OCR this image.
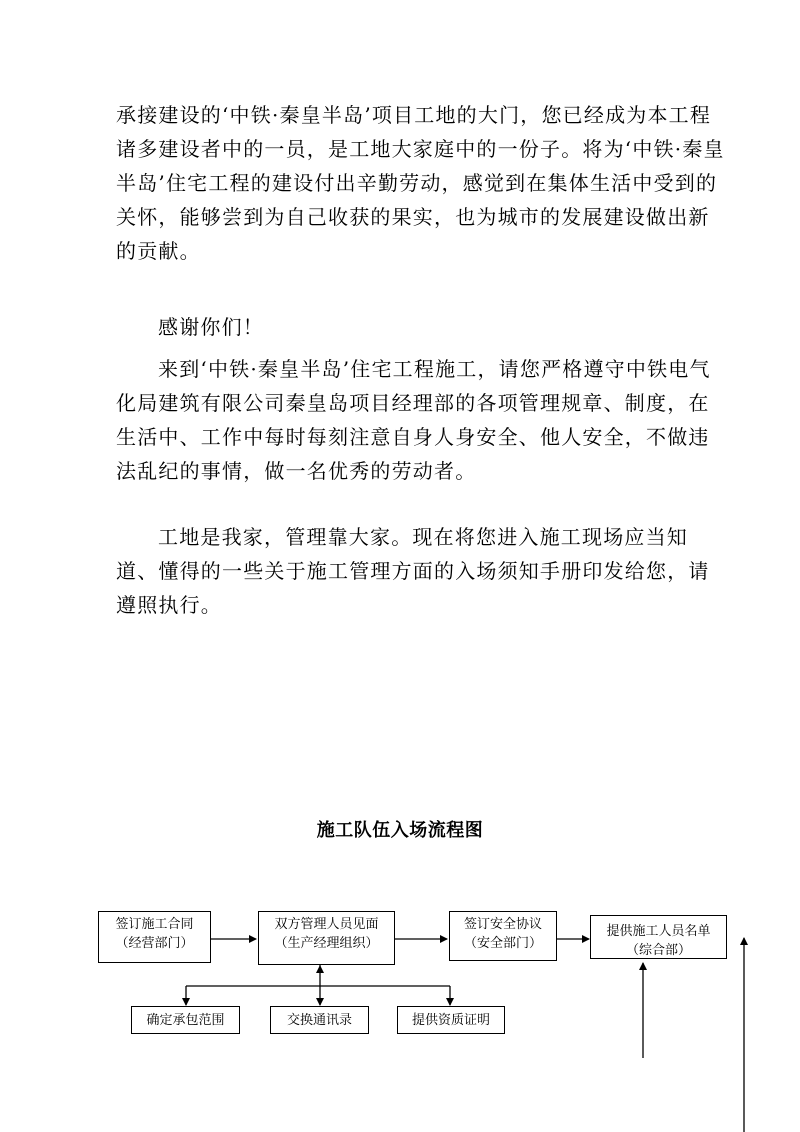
承接建设的‘中铁·秦皇半岛’项目工地的大门，您已经成为本工程诸多建设者中的一员，是工地大家庭中的一份子。将为‘中铁·秦皇半岛’住宅工程的建设付出辛勤劳动，感觉到在集体生活中受到的关怀，能够尝到为自己收获的果实，也为城市的发展建设做出新的贡献。

感谢你们！

来到‘中铁·秦皇半岛’住宅工程施工，请您严格遵守中铁电气化局建筑有限公司秦皇岛项目经理部的各项管理规章、制度，在生活中、工作中每时每刻注意自身人身安全、他人安全，不做违法乱纪的事情，做一名优秀的劳动者。

工地是我家，管理靠大家。现在将您进入施工现场应当知道、懂得的一些关于施工管理方面的入场须知手册印发给您，请遵照执行。

施工队伍入场流程图
签订施工合同
（经营部门）
双方管理人员见面
（生产经理组织）
签订安全协议
（安全部门）
提供施工人员名单
（综合部）
确定承包范围	交换通讯录	提供资质证明
